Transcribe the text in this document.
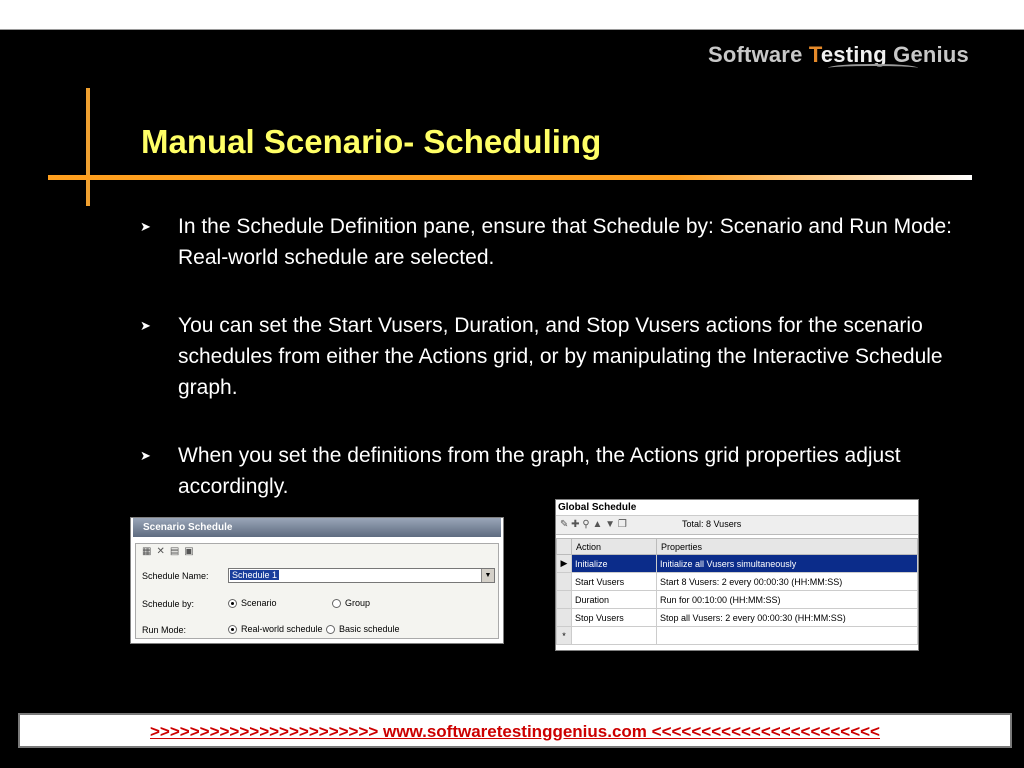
Software Testing Genius
Manual Scenario- Scheduling
➤ In the Schedule Definition pane, ensure that Schedule by: Scenario and Run Mode: Real-world schedule are selected.
➤ You can set the Start Vusers, Duration, and Stop Vusers actions for the scenario schedules from either the Actions grid, or by manipulating the Interactive Schedule graph.
➤ When you set the definitions from the graph, the Actions grid properties adjust accordingly.
Scenario Schedule
▦✕▤▣
Schedule Name:	Schedule 1	▼
Schedule by:	Scenario	Group
Run Mode:	Real-world schedule	Basic schedule
Global Schedule
✎ ✚ ⚲ ▲ ▼ ❐	Total: 8 Vusers
	Action	Properties
▶	Initialize	Initialize all Vusers simultaneously
	Start Vusers	Start 8 Vusers: 2 every 00:00:30 (HH:MM:SS)
	Duration	Run for 00:10:00 (HH:MM:SS)
	Stop Vusers	Stop all Vusers: 2 every 00:00:30 (HH:MM:SS)
*		
>>>>>>>>>>>>>>>>>>>>>>> www.softwaretestinggenius.com <<<<<<<<<<<<<<<<<<<<<<<
